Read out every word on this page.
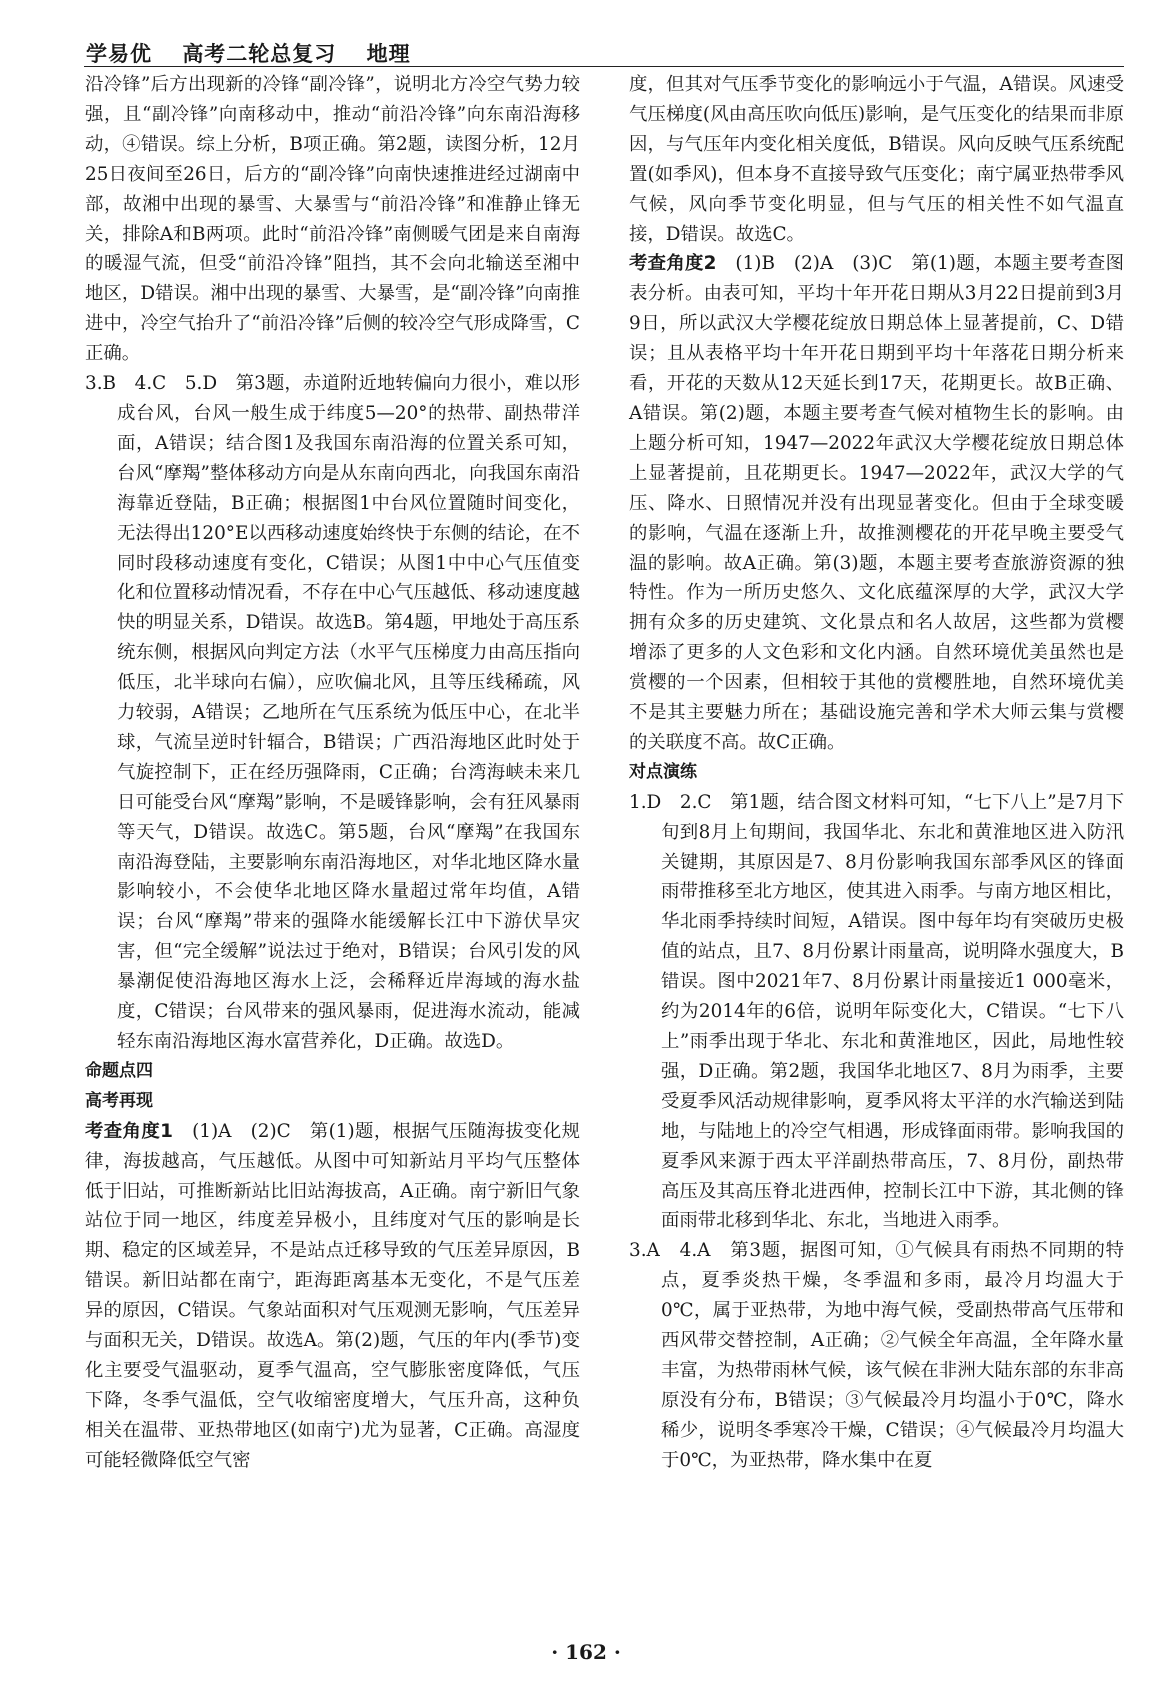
学易优 高考二轮总复习 地理

沿冷锋”后方出现新的冷锋“副冷锋”，说明北方冷空气势力较强，且“副冷锋”向南移动中，推动“前沿冷锋”向东南沿海移动，④错误。综上分析，B项正确。第2题，读图分析，12月25日夜间至26日，后方的“副冷锋”向南快速推进经过湖南中部，故湘中出现的暴雪、大暴雪与“前沿冷锋”和准静止锋无关，排除A和B两项。此时“前沿冷锋”南侧暖气团是来自南海的暖湿气流，但受“前沿冷锋”阻挡，其不会向北输送至湘中地区，D错误。湘中出现的暴雪、大暴雪，是“副冷锋”向南推进中，冷空气抬升了“前沿冷锋”后侧的较冷空气形成降雪，C正确。

3.B　4.C　5.D　第3题，赤道附近地转偏向力很小，难以形成台风，台风一般生成于纬度5—20°的热带、副热带洋面，A错误；结合图1及我国东南沿海的位置关系可知，台风“摩羯”整体移动方向是从东南向西北，向我国东南沿海靠近登陆，B正确；根据图1中台风位置随时间变化，无法得出120°E以西移动速度始终快于东侧的结论，在不同时段移动速度有变化，C错误；从图1中中心气压值变化和位置移动情况看，不存在中心气压越低、移动速度越快的明显关系，D错误。故选B。第4题，甲地处于高压系统东侧，根据风向判定方法（水平气压梯度力由高压指向低压，北半球向右偏），应吹偏北风，且等压线稀疏，风力较弱，A错误；乙地所在气压系统为低压中心，在北半球，气流呈逆时针辐合，B错误；广西沿海地区此时处于气旋控制下，正在经历强降雨，C正确；台湾海峡未来几日可能受台风“摩羯”影响，不是暖锋影响，会有狂风暴雨等天气，D错误。故选C。第5题，台风“摩羯”在我国东南沿海登陆，主要影响东南沿海地区，对华北地区降水量影响较小，不会使华北地区降水量超过常年均值，A错误；台风“摩羯”带来的强降水能缓解长江中下游伏旱灾害，但“完全缓解”说法过于绝对，B错误；台风引发的风暴潮促使沿海地区海水上泛，会稀释近岸海域的海水盐度，C错误；台风带来的强风暴雨，促进海水流动，能减轻东南沿海地区海水富营养化，D正确。故选D。

命题点四

高考再现

考查角度1　(1)A　(2)C　第(1)题，根据气压随海拔变化规律，海拔越高，气压越低。从图中可知新站月平均气压整体低于旧站，可推断新站比旧站海拔高，A正确。南宁新旧气象站位于同一地区，纬度差异极小，且纬度对气压的影响是长期、稳定的区域差异，不是站点迁移导致的气压差异原因，B错误。新旧站都在南宁，距海距离基本无变化，不是气压差异的原因，C错误。气象站面积对气压观测无影响，气压差异与面积无关，D错误。故选A。第(2)题，气压的年内(季节)变化主要受气温驱动，夏季气温高，空气膨胀密度降低，气压下降，冬季气温低，空气收缩密度增大，气压升高，这种负相关在温带、亚热带地区(如南宁)尤为显著，C正确。高湿度可能轻微降低空气密

度，但其对气压季节变化的影响远小于气温，A错误。风速受气压梯度(风由高压吹向低压)影响，是气压变化的结果而非原因，与气压年内变化相关度低，B错误。风向反映气压系统配置(如季风)，但本身不直接导致气压变化；南宁属亚热带季风气候，风向季节变化明显，但与气压的相关性不如气温直接，D错误。故选C。

考查角度2　(1)B　(2)A　(3)C　第(1)题，本题主要考查图表分析。由表可知，平均十年开花日期从3月22日提前到3月9日，所以武汉大学樱花绽放日期总体上显著提前，C、D错误；且从表格平均十年开花日期到平均十年落花日期分析来看，开花的天数从12天延长到17天，花期更长。故B正确、A错误。第(2)题，本题主要考查气候对植物生长的影响。由上题分析可知，1947—2022年武汉大学樱花绽放日期总体上显著提前，且花期更长。1947—2022年，武汉大学的气压、降水、日照情况并没有出现显著变化。但由于全球变暖的影响，气温在逐渐上升，故推测樱花的开花早晚主要受气温的影响。故A正确。第(3)题，本题主要考查旅游资源的独特性。作为一所历史悠久、文化底蕴深厚的大学，武汉大学拥有众多的历史建筑、文化景点和名人故居，这些都为赏樱增添了更多的人文色彩和文化内涵。自然环境优美虽然也是赏樱的一个因素，但相较于其他的赏樱胜地，自然环境优美不是其主要魅力所在；基础设施完善和学术大师云集与赏樱的关联度不高。故C正确。

对点演练

1.D　2.C　第1题，结合图文材料可知，“七下八上”是7月下旬到8月上旬期间，我国华北、东北和黄淮地区进入防汛关键期，其原因是7、8月份影响我国东部季风区的锋面雨带推移至北方地区，使其进入雨季。与南方地区相比，华北雨季持续时间短，A错误。图中每年均有突破历史极值的站点，且7、8月份累计雨量高，说明降水强度大，B错误。图中2021年7、8月份累计雨量接近1 000毫米，约为2014年的6倍，说明年际变化大，C错误。“七下八上”雨季出现于华北、东北和黄淮地区，因此，局地性较强，D正确。第2题，我国华北地区7、8月为雨季，主要受夏季风活动规律影响，夏季风将太平洋的水汽输送到陆地，与陆地上的冷空气相遇，形成锋面雨带。影响我国的夏季风来源于西太平洋副热带高压，7、8月份，副热带高压及其高压脊北进西伸，控制长江中下游，其北侧的锋面雨带北移到华北、东北，当地进入雨季。

3.A　4.A　第3题，据图可知，①气候具有雨热不同期的特点，夏季炎热干燥，冬季温和多雨，最冷月均温大于0℃，属于亚热带，为地中海气候，受副热带高气压带和西风带交替控制，A正确；②气候全年高温，全年降水量丰富，为热带雨林气候，该气候在非洲大陆东部的东非高原没有分布，B错误；③气候最冷月均温小于0℃，降水稀少，说明冬季寒冷干燥，C错误；④气候最冷月均温大于0℃，为亚热带，降水集中在夏

· 162 ·
